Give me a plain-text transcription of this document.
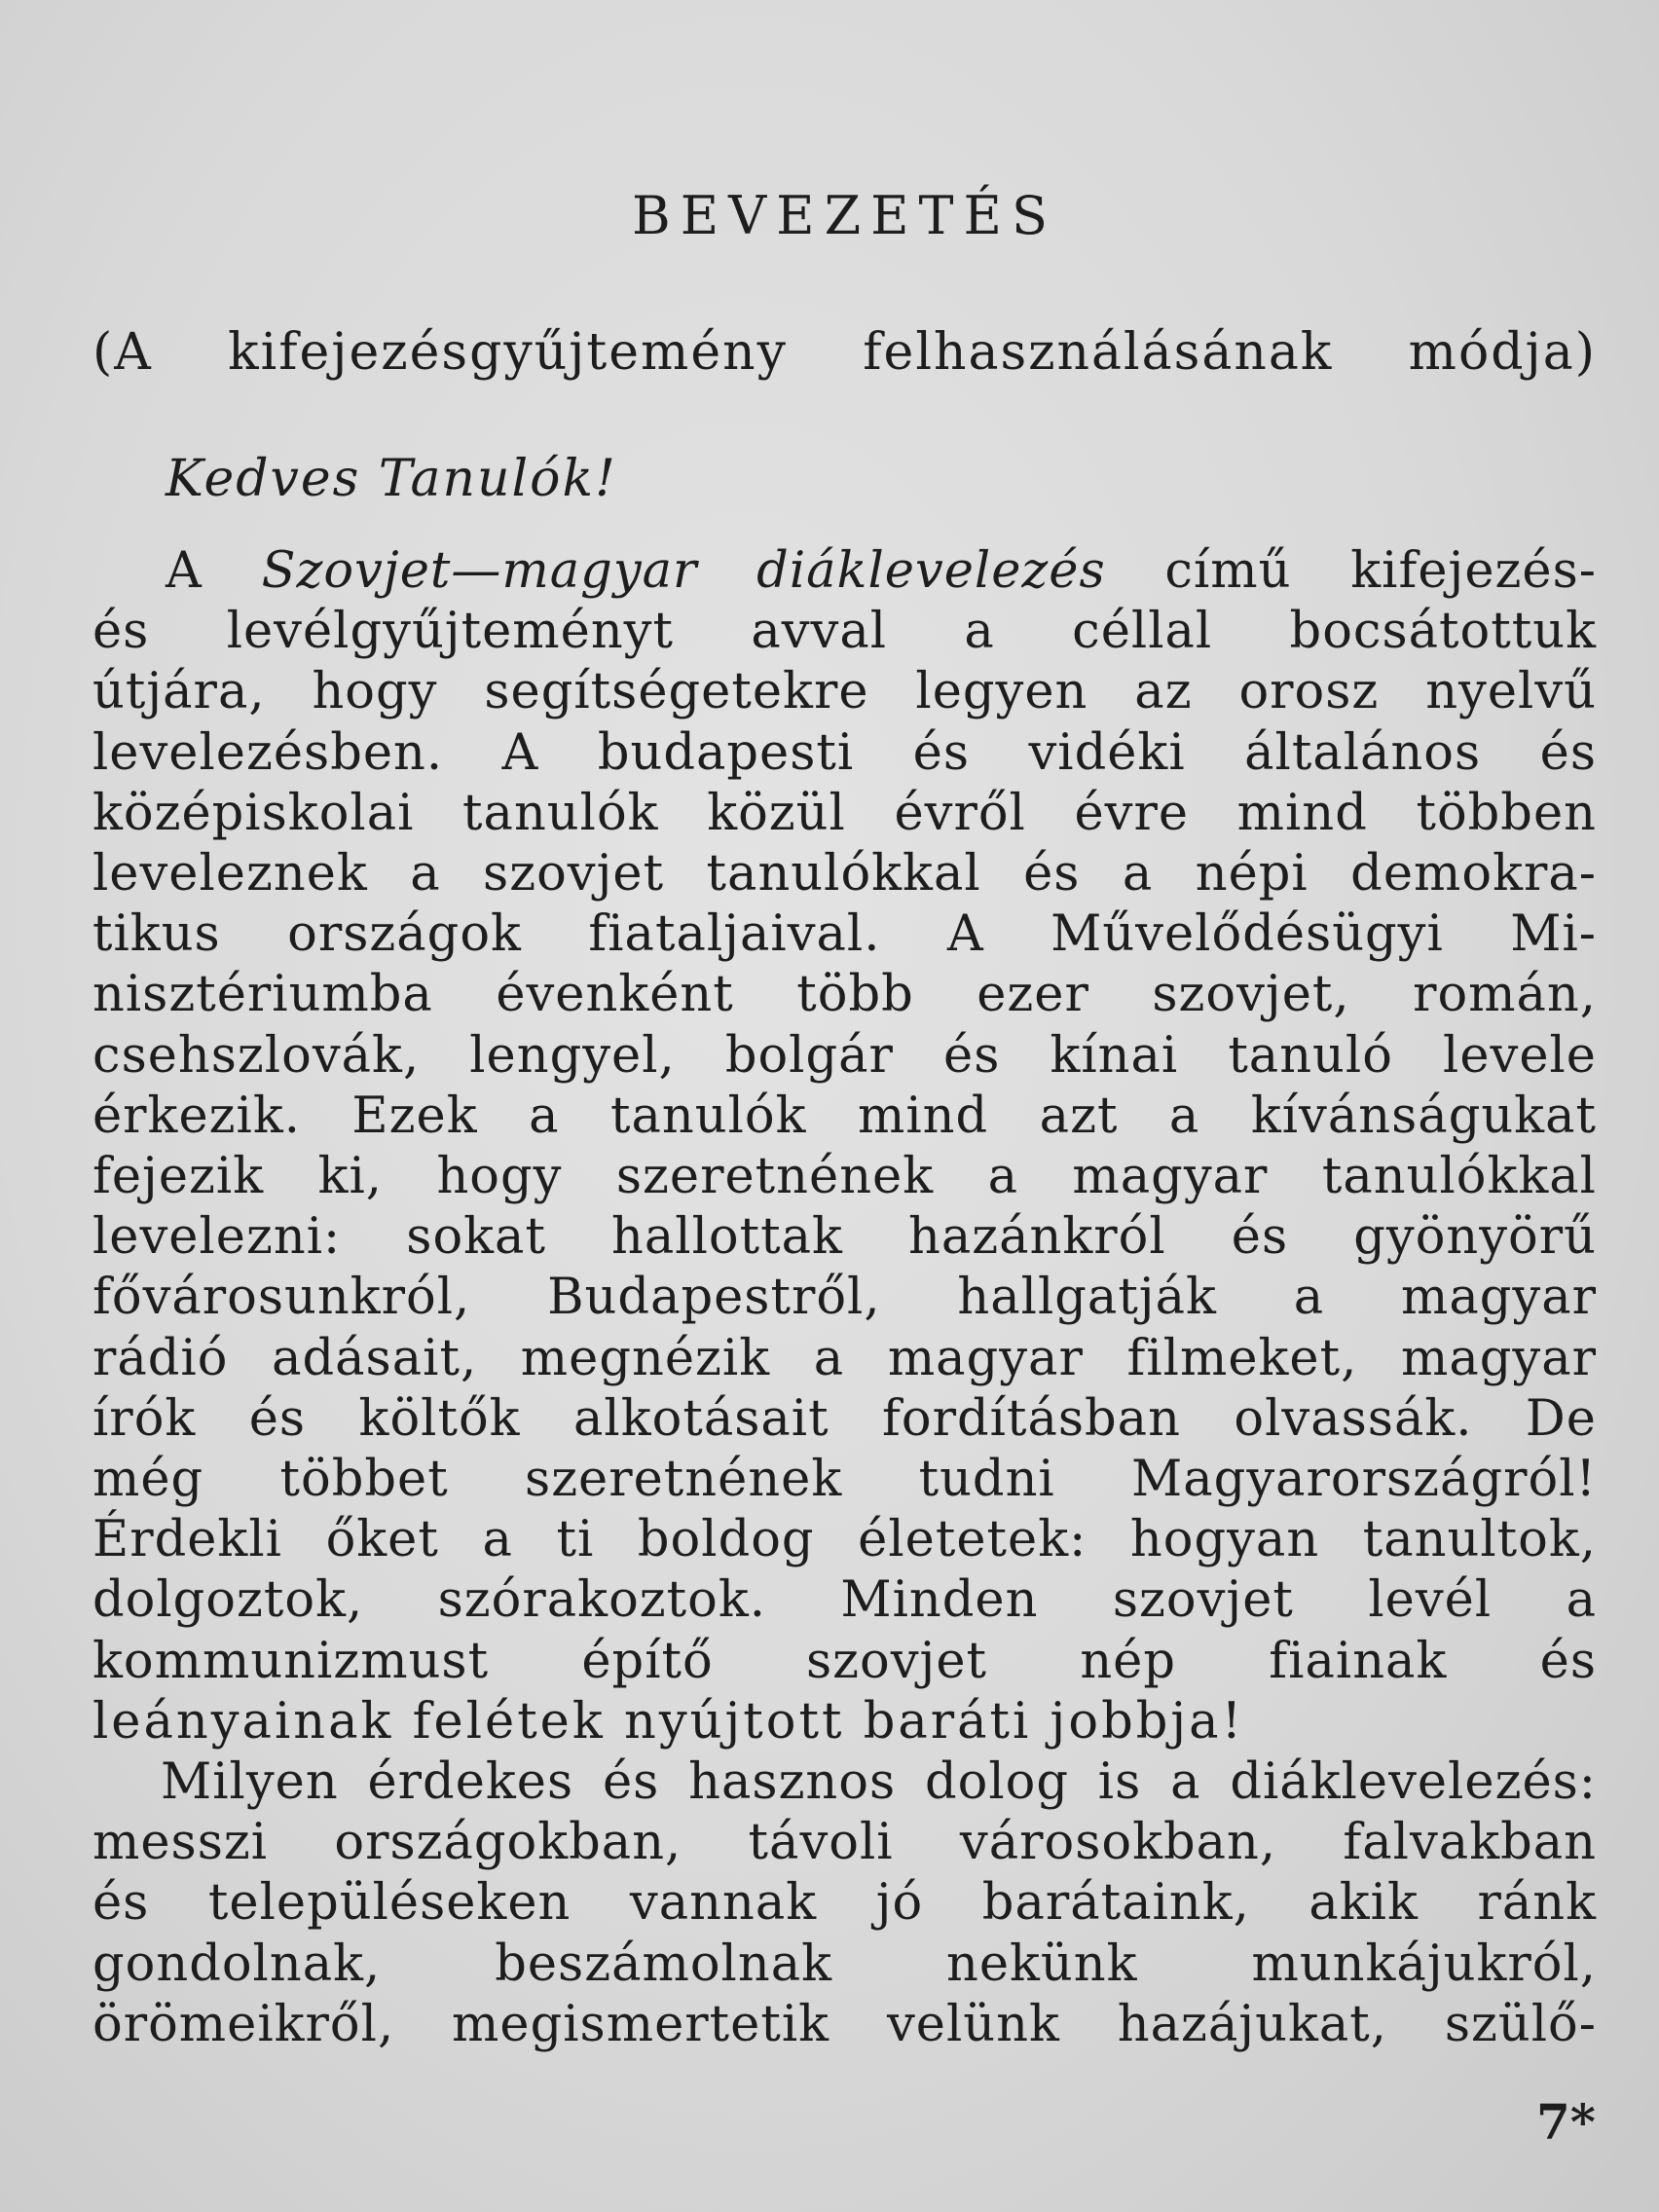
BEVEZETÉS

(A kifejezésgyűjtemény felhasználásának módja)

Kedves Tanulók!

A Szovjet—magyar diáklevelezés című kifejezés-
és levélgyűjteményt avval a céllal bocsátottuk
útjára, hogy segítségetekre legyen az orosz nyelvű
levelezésben. A budapesti és vidéki általános és
középiskolai tanulók közül évről évre mind többen
leveleznek a szovjet tanulókkal és a népi demokra-
tikus országok fiataljaival. A Művelődésügyi Mi-
nisztériumba évenként több ezer szovjet, román,
csehszlovák, lengyel, bolgár és kínai tanuló levele
érkezik. Ezek a tanulók mind azt a kívánságukat
fejezik ki, hogy szeretnének a magyar tanulókkal
levelezni: sokat hallottak hazánkról és gyönyörű
fővárosunkról, Budapestről, hallgatják a magyar
rádió adásait, megnézik a magyar filmeket, magyar
írók és költők alkotásait fordításban olvassák. De
még többet szeretnének tudni Magyarországról!
Érdekli őket a ti boldog életetek: hogyan tanultok,
dolgoztok, szórakoztok. Minden szovjet levél a
kommunizmust építő szovjet nép fiainak és
leányainak felétek nyújtott baráti jobbja!
Milyen érdekes és hasznos dolog is a diáklevelezés:
messzi országokban, távoli városokban, falvakban
és településeken vannak jó barátaink, akik ránk
gondolnak, beszámolnak nekünk munkájukról,
örömeikről, megismertetik velünk hazájukat, szülő-

7*
